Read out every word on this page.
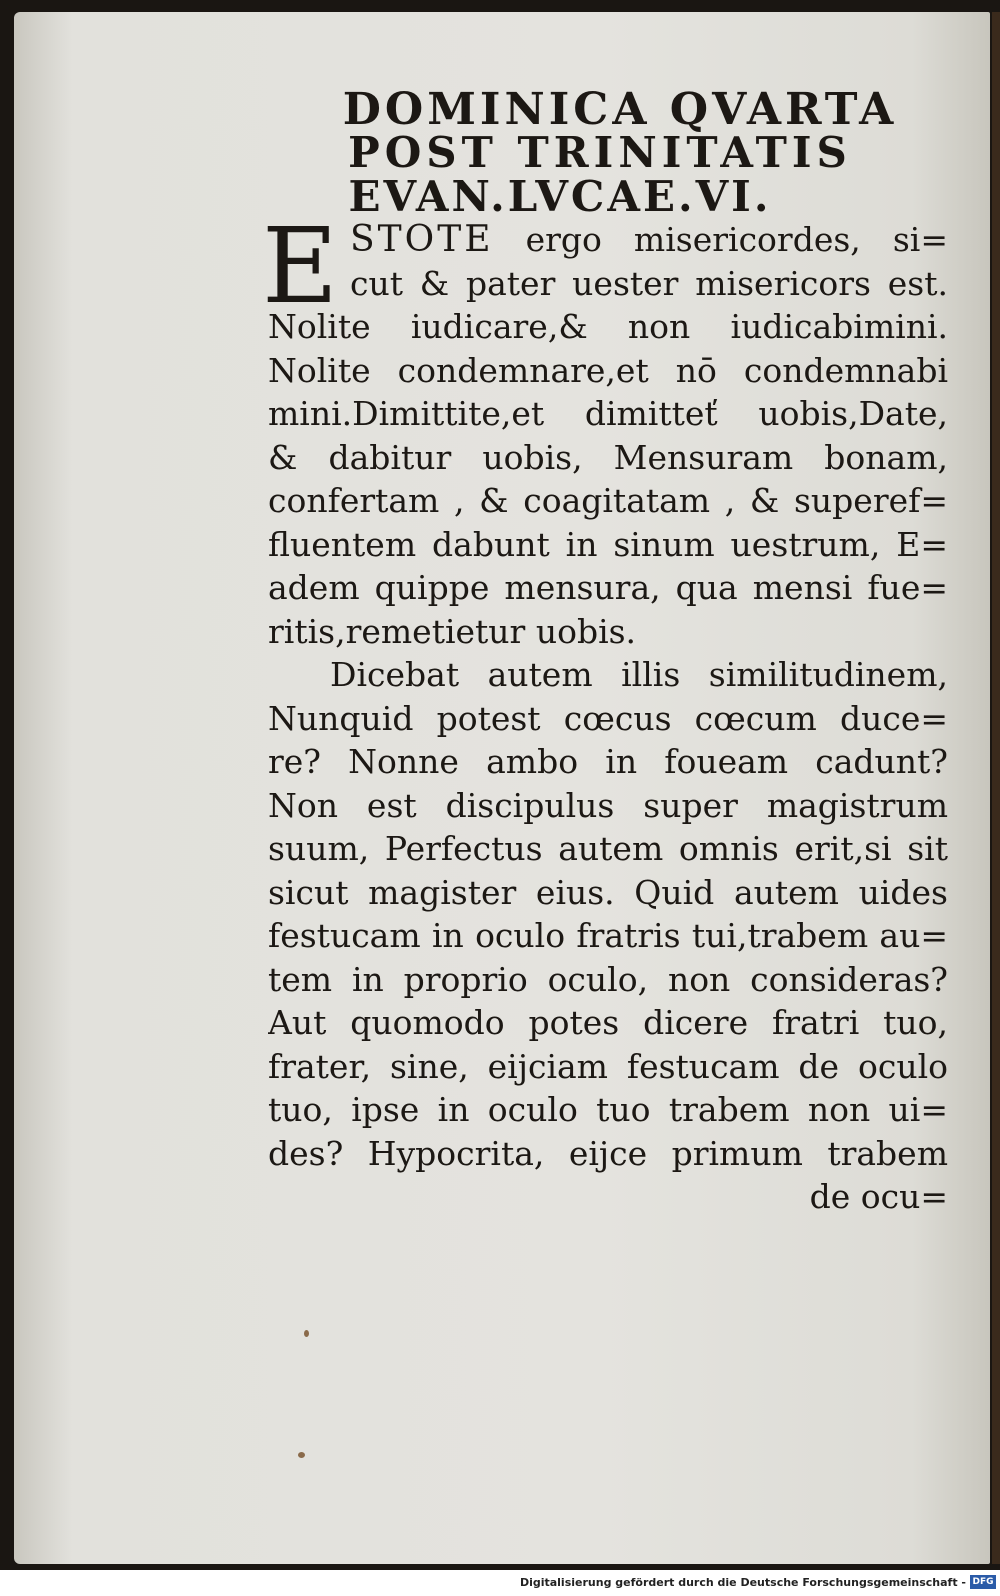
DOMINICA QVARTA
POST TRINITATIS
EVAN.LVCAE.VI.
E STOTE ergo misericordes, si=
cut & pater uester misericors est.
Nolite iudicare,& non iudicabimini.
Nolite condemnare,et nō condemnabi
mini.Dimittite,et dimitteť uobis,Date,
& dabitur uobis, Mensuram bonam,
confertam , & coagitatam , & superef=
fluentem dabunt in sinum uestrum, E=
adem quippe mensura, qua mensi fue=
ritis,remetietur uobis.
Dicebat autem illis similitudinem,
Nunquid potest cœcus cœcum duce=
re? Nonne ambo in foueam cadunt?
Non est discipulus super magistrum
suum, Perfectus autem omnis erit,si sit
sicut magister eius. Quid autem uides
festucam in oculo fratris tui,trabem au=
tem in proprio oculo, non consideras?
Aut quomodo potes dicere fratri tuo,
frater, sine, eijciam festucam de oculo
tuo, ipse in oculo tuo trabem non ui=
des? Hypocrita, eijce primum trabem
de ocu=
Digitalisierung gefördert durch die Deutsche Forschungsgemeinschaft - DFG
